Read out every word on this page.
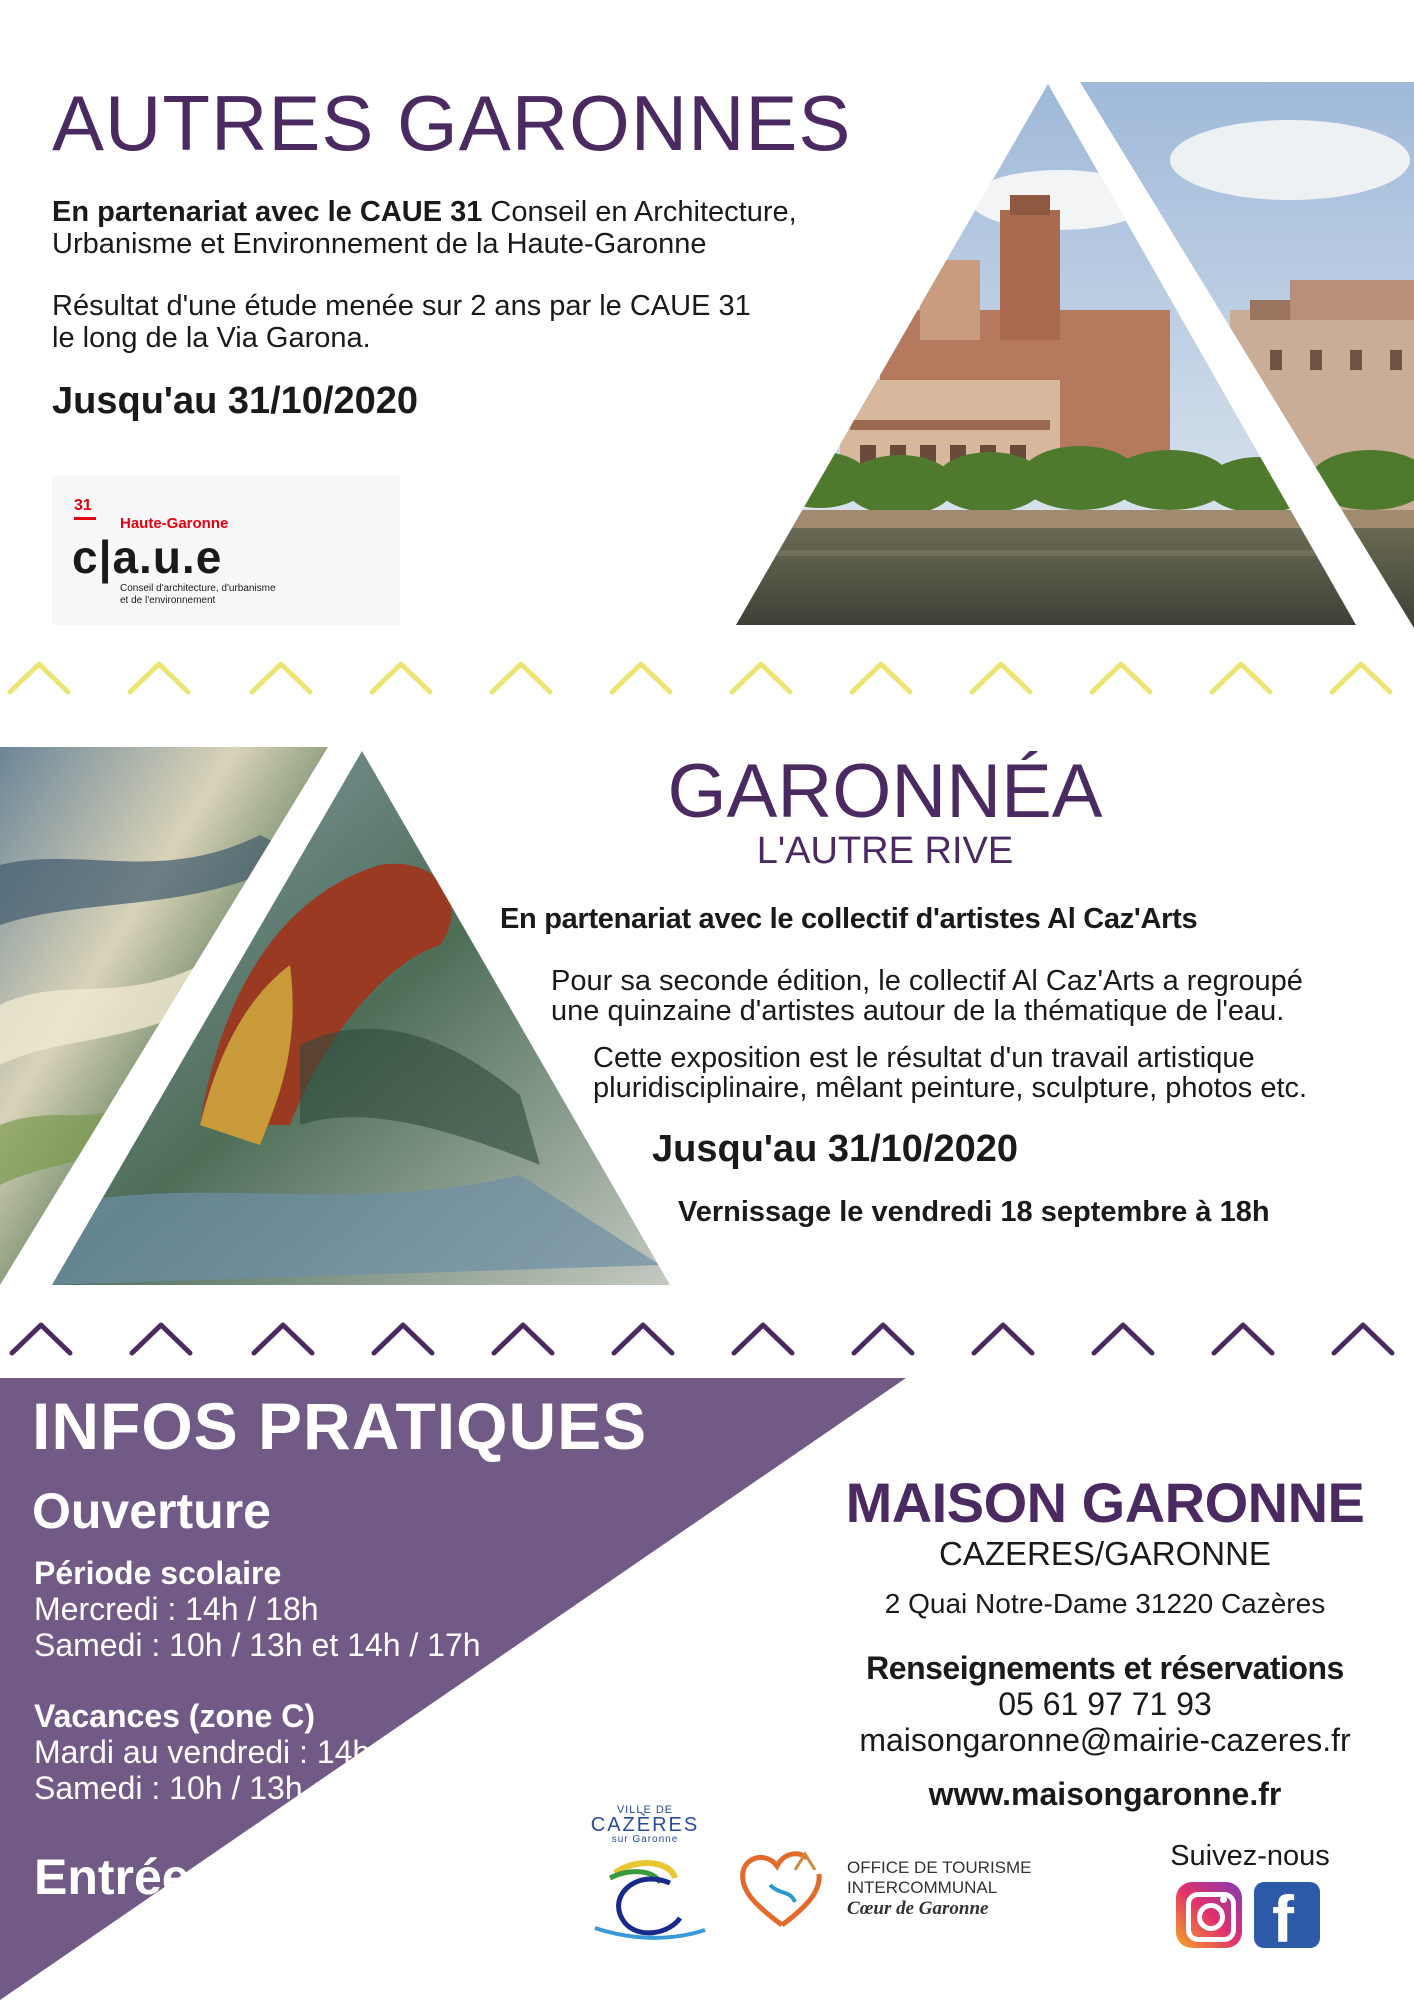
AUTRES GARONNES
En partenariat avec le CAUE 31 Conseil en Architecture,
Urbanisme et Environnement de la Haute-Garonne
Résultat d'une étude menée sur 2 ans par le CAUE 31
le long de la Via Garona.
Jusqu'au 31/10/2020
31
Haute-Garonne
c|a.u.e
Conseil d'architecture, d'urbanisme
et de l'environnement
GARONNÉA
L'AUTRE RIVE
En partenariat avec le collectif d'artistes Al Caz'Arts
Pour sa seconde édition, le collectif Al Caz'Arts a regroupé
une quinzaine d'artistes autour de la thématique de l'eau.
Cette exposition est le résultat d'un travail artistique
pluridisciplinaire, mêlant peinture, sculpture, photos etc.
Jusqu'au 31/10/2020
Vernissage le vendredi 18 septembre à 18h
INFOS PRATIQUES
Ouverture
Période scolaire
Mercredi : 14h / 18h
Samedi : 10h / 13h et 14h / 17h
Vacances (zone C)
Mardi au vendredi : 14h / 18h
Samedi : 10h / 13h et 14h / 17h
Entrée libre
MAISON GARONNE
CAZERES/GARONNE
2 Quai Notre-Dame 31220 Cazères
Renseignements et réservations
05 61 97 71 93
maisongaronne@mairie-cazeres.fr
www.maisongaronne.fr
VILLE DE
CAZÈRES
sur Garonne
OFFICE DE TOURISME
INTERCOMMUNAL
Cœur de Garonne
Suivez-nous
f
